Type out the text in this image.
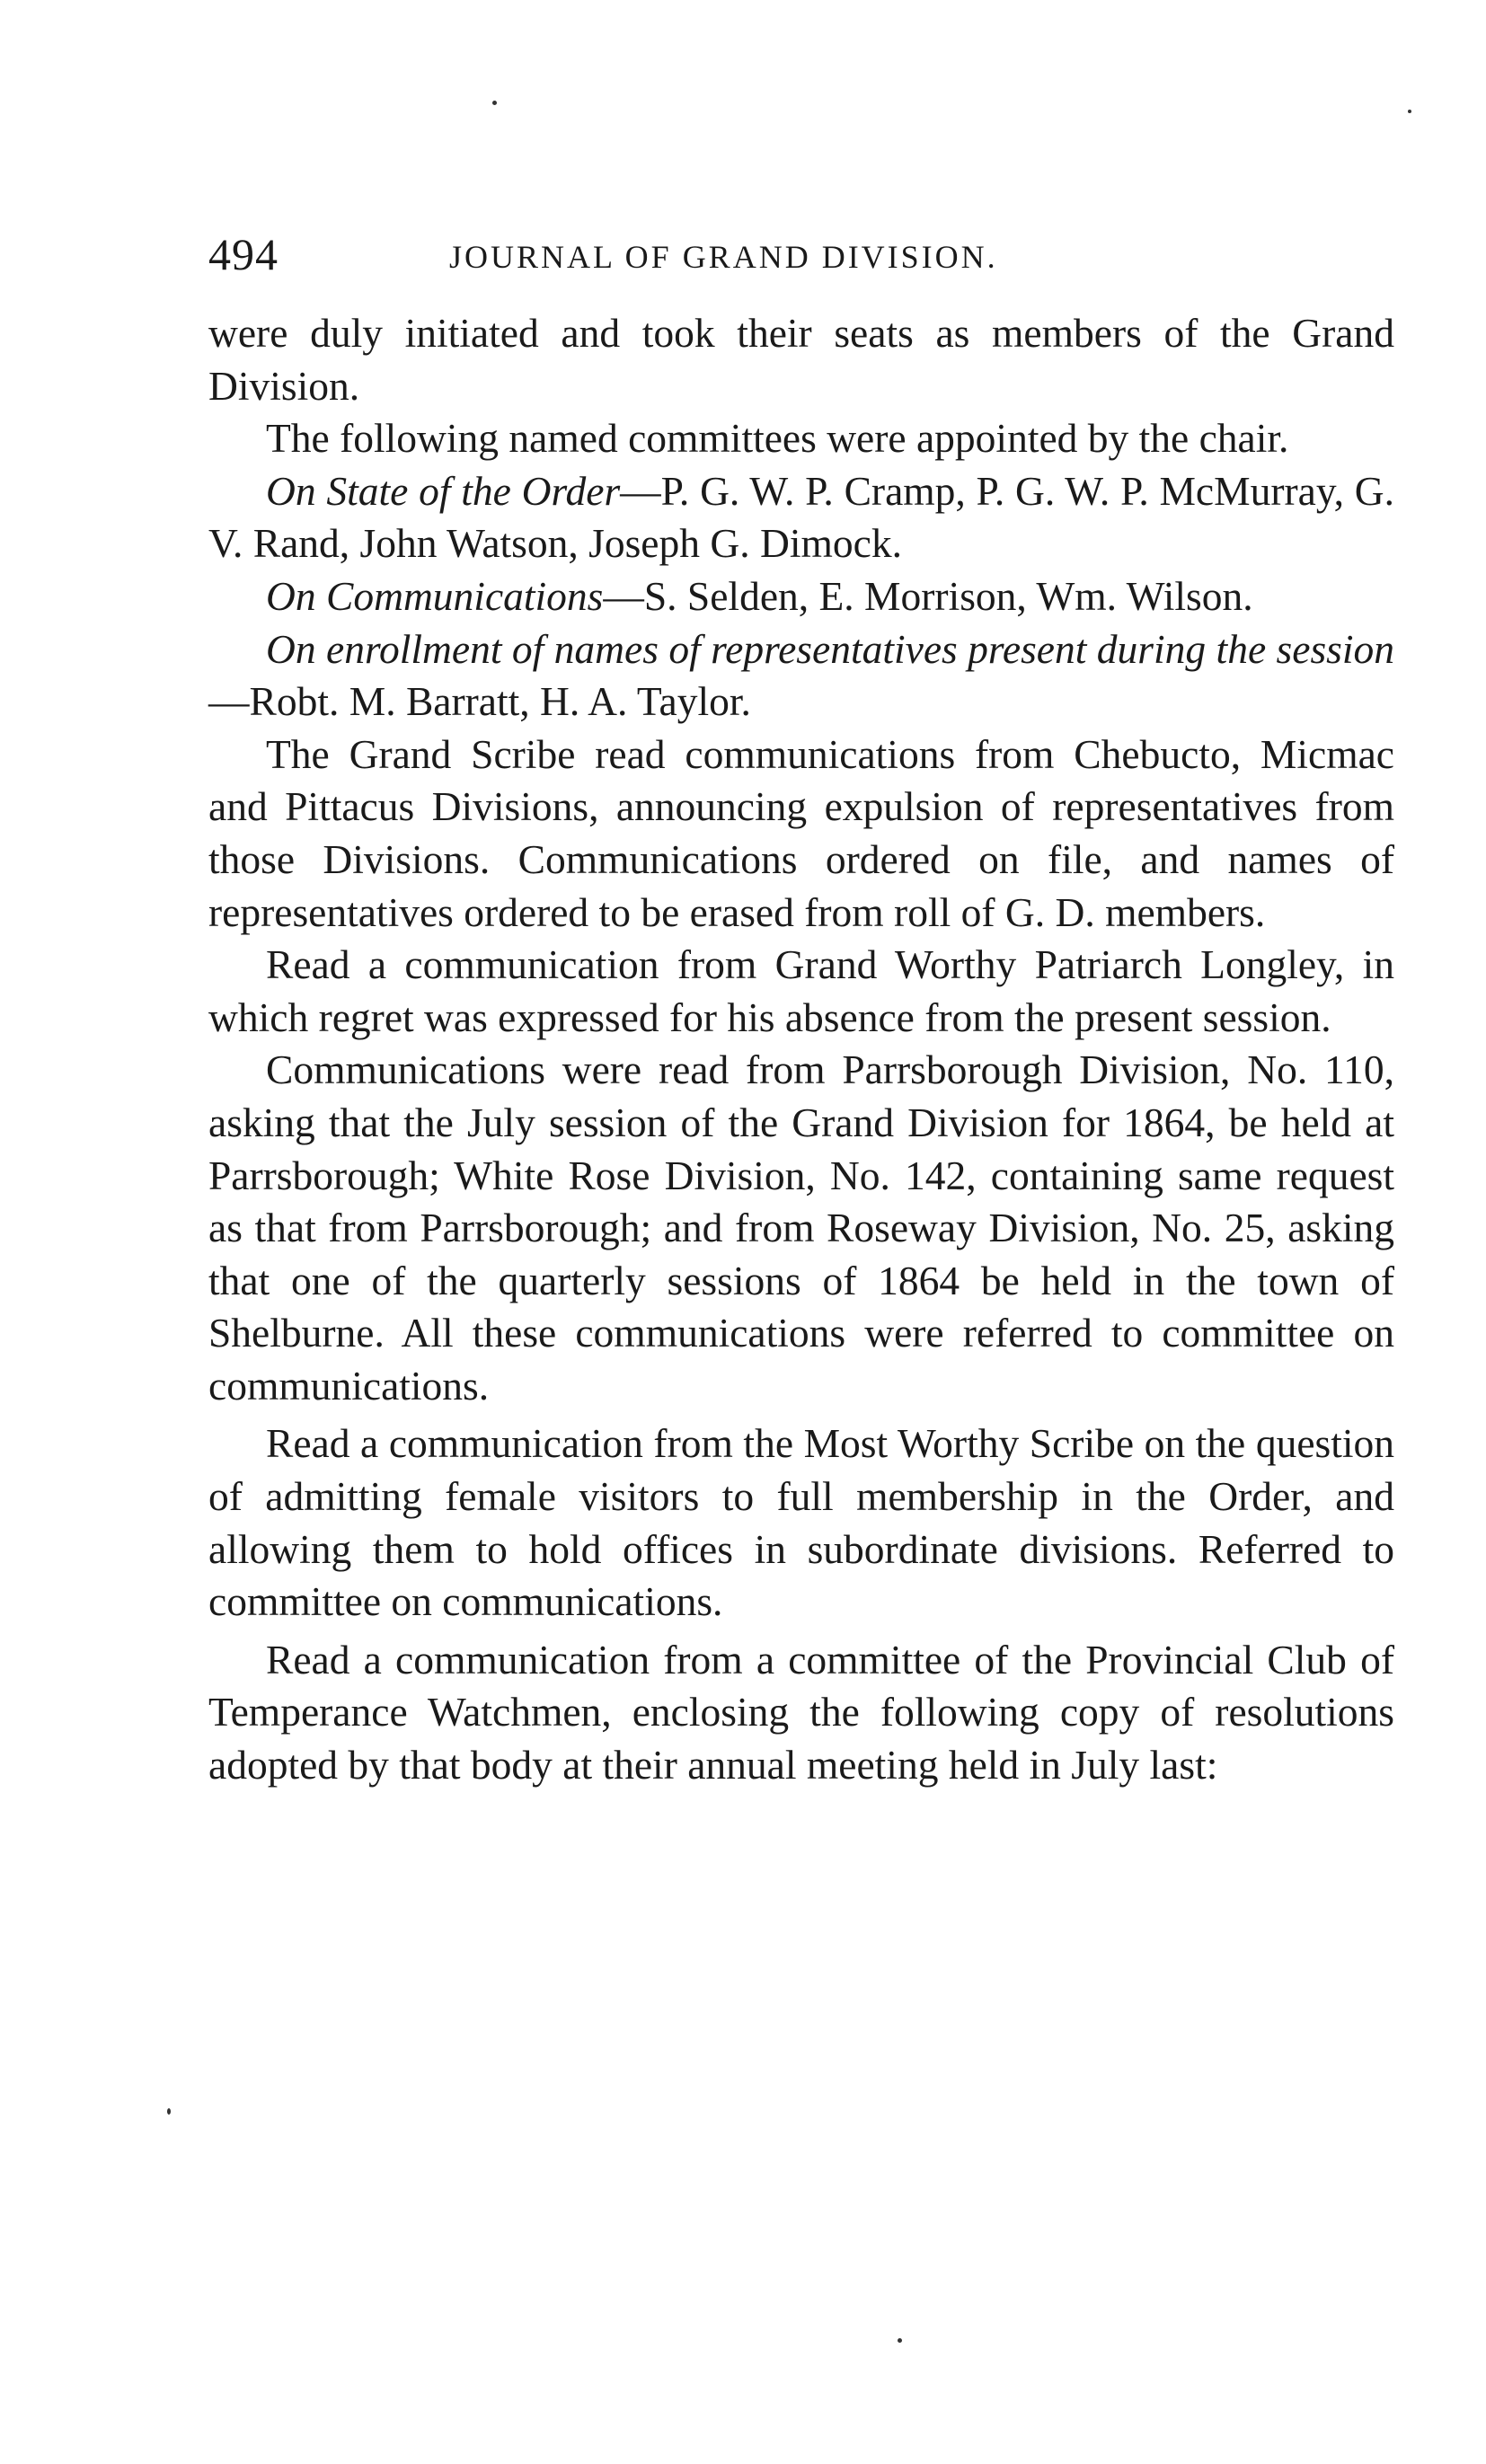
494	JOURNAL OF GRAND DIVISION.

were duly initiated and took their seats as members of the Grand Division.

The following named committees were appointed by the chair.

On State of the Order—P. G. W. P. Cramp, P. G. W. P. McMurray, G. V. Rand, John Watson, Joseph G. Dimock.

On Communications—S. Selden, E. Morrison, Wm. Wilson.

On enrollment of names of representatives present during the session—Robt. M. Barratt, H. A. Taylor.

The Grand Scribe read communications from Chebucto, Micmac and Pittacus Divisions, announcing expulsion of representatives from those Divisions. Communications ordered on file, and names of representatives ordered to be erased from roll of G. D. members.

Read a communication from Grand Worthy Patriarch Longley, in which regret was expressed for his absence from the present session.

Communications were read from Parrsborough Division, No. 110, asking that the July session of the Grand Division for 1864, be held at Parrsborough; White Rose Division, No. 142, containing same request as that from Parrsborough; and from Roseway Division, No. 25, asking that one of the quarterly sessions of 1864 be held in the town of Shelburne. All these communications were referred to committee on communications.

Read a communication from the Most Worthy Scribe on the question of admitting female visitors to full membership in the Order, and allowing them to hold offices in subordinate divisions. Referred to committee on communications.

Read a communication from a committee of the Provincial Club of Temperance Watchmen, enclosing the following copy of resolutions adopted by that body at their annual meeting held in July last:
